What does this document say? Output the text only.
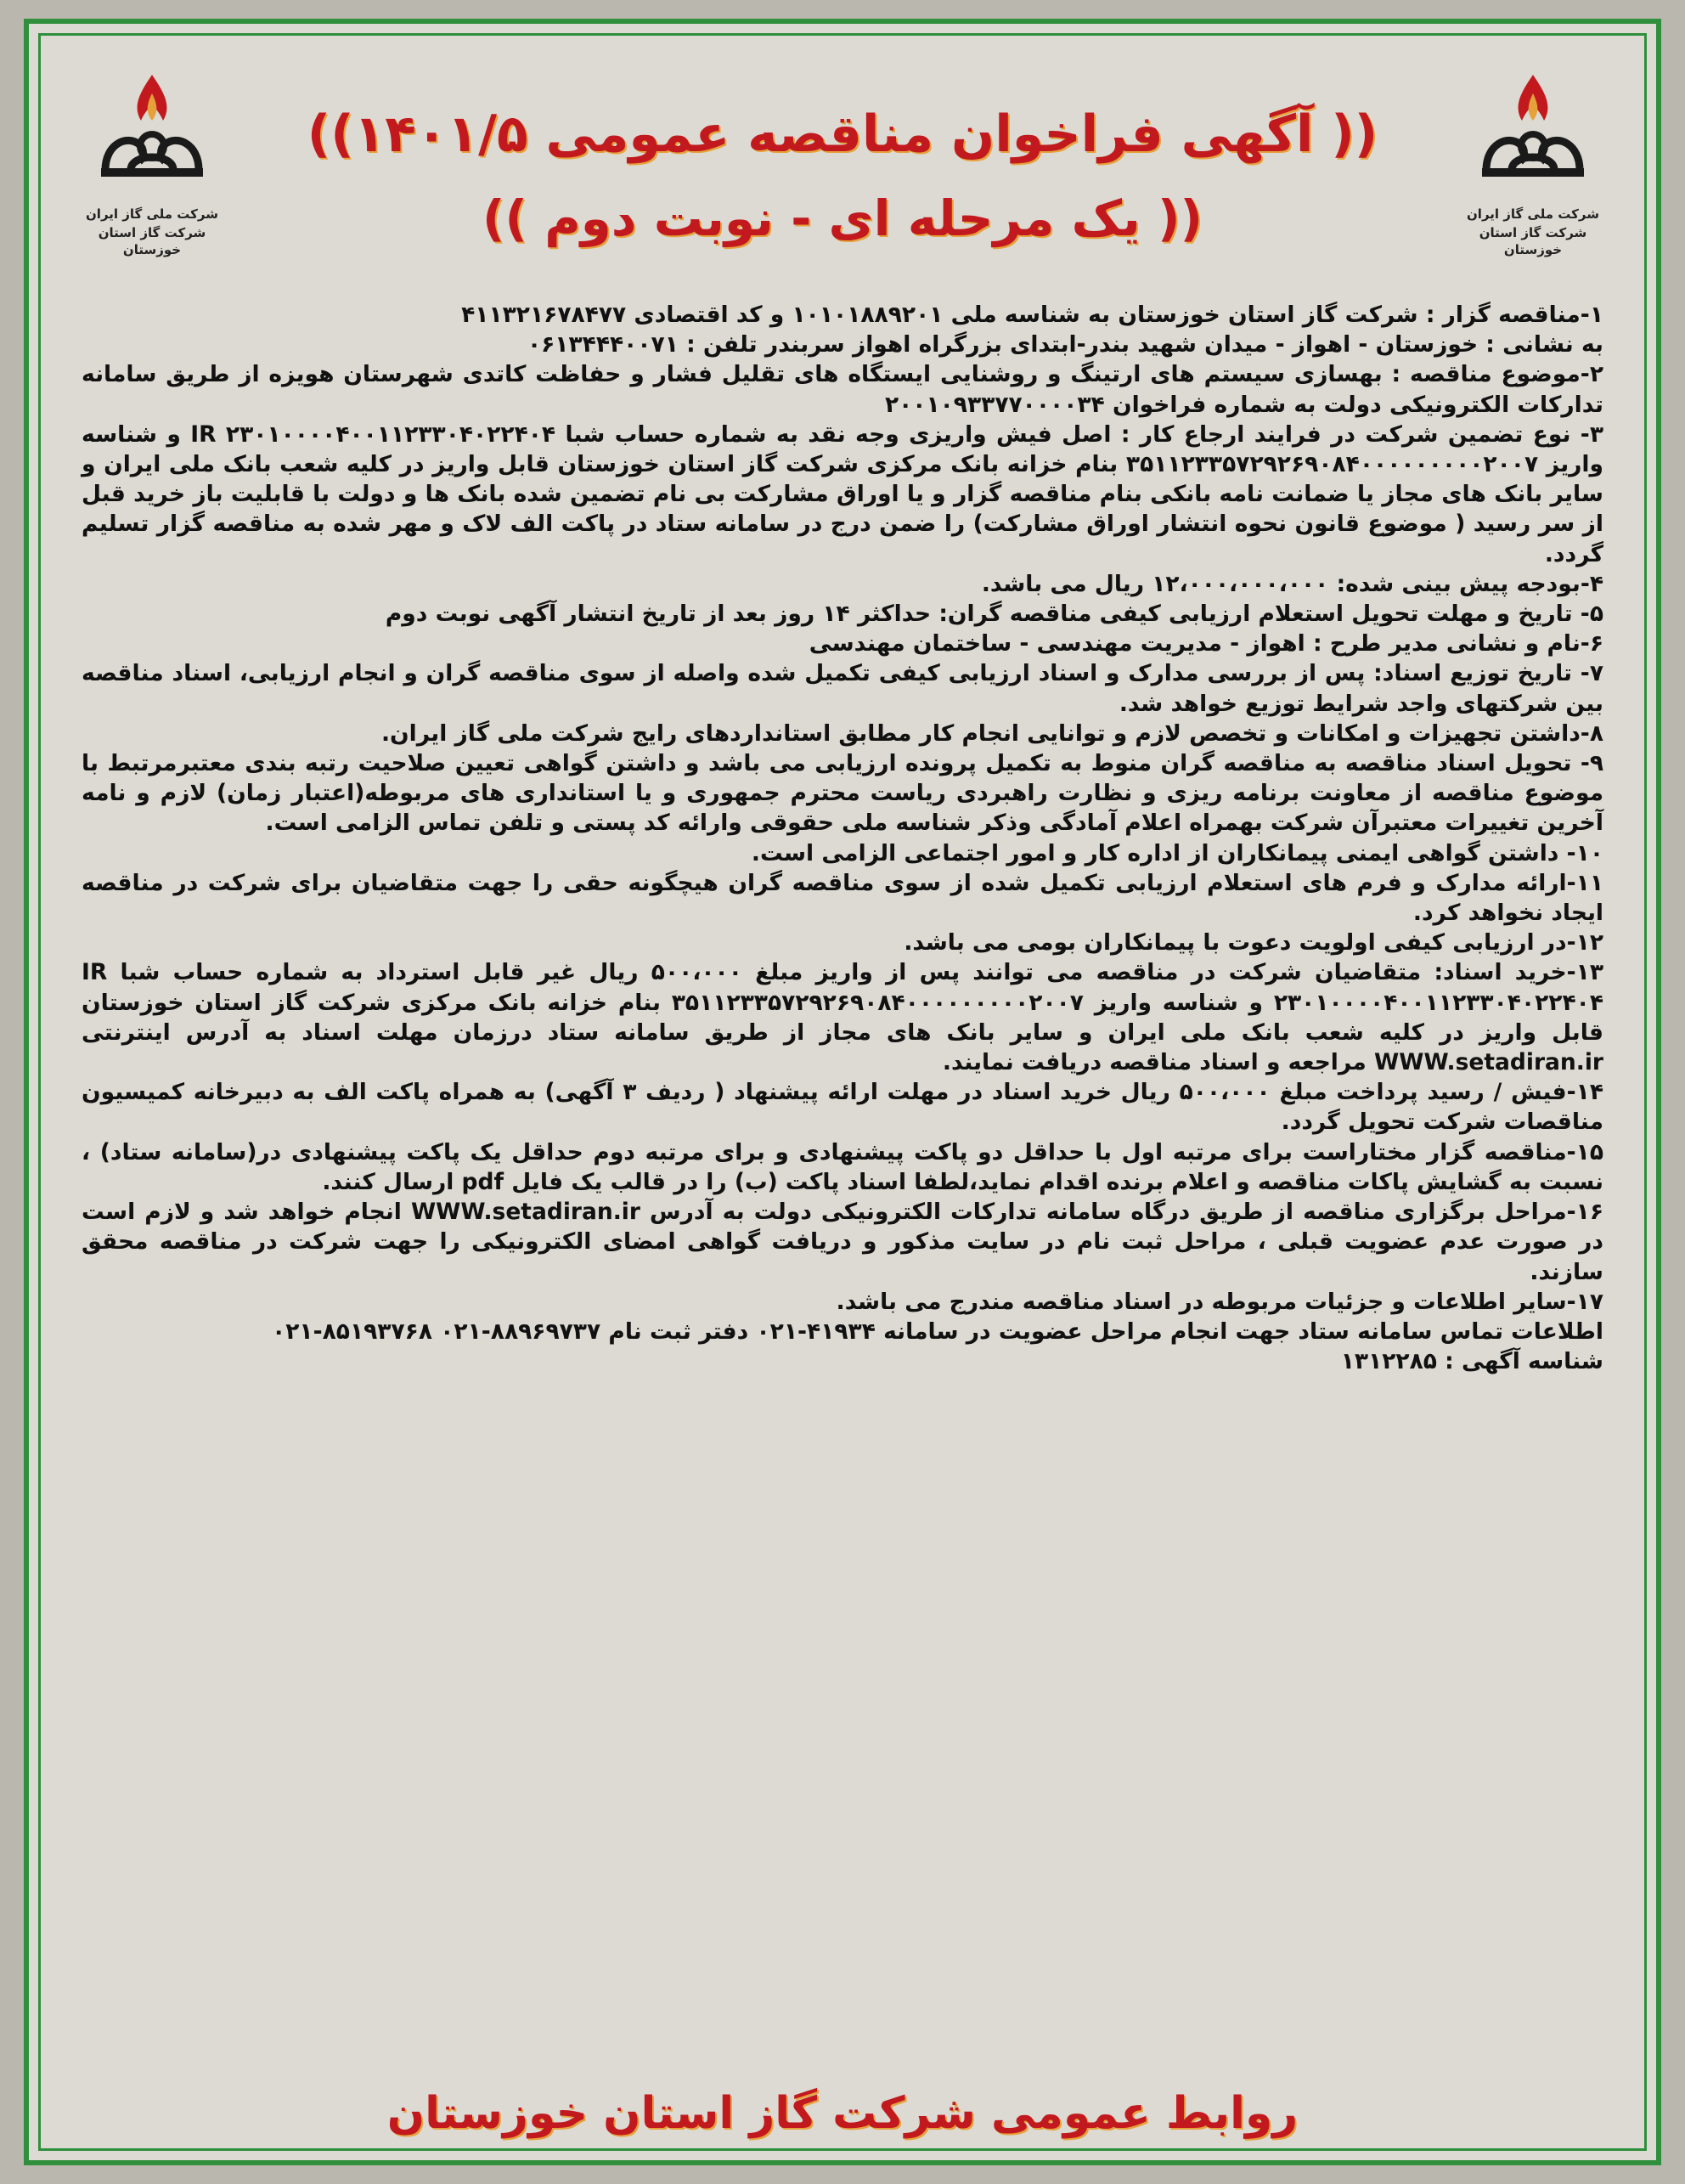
شرکت ملی گاز ایران
شرکت گاز استان خوزستان
شرکت ملی گاز ایران
شرکت گاز استان خوزستان
(( آگهی فراخوان مناقصه عمومی ۱۴۰۱/۵))
(( یک مرحله ای - نوبت دوم ))

۱-مناقصه گزار : شرکت گاز استان خوزستان به شناسه ملی ۱۰۱۰۱۸۸۹۲۰۱ و کد اقتصادی ۴۱۱۳۲۱۶۷۸۴۷۷

به نشانی : خوزستان - اهواز - میدان شهید بندر-ابتدای بزرگراه اهواز سربندر تلفن : ۰۶۱۳۴۴۴۰۰۷۱

۲-موضوع مناقصه : بهسازی سیستم های ارتینگ و روشنایی ایستگاه های تقلیل فشار و حفاظت کاتدی شهرستان هویزه از طریق سامانه تدارکات الکترونیکی دولت به شماره فراخوان ۲۰۰۱۰۹۳۳۷۷۰۰۰۰۳۴

۳- نوع تضمین شرکت در فرایند ارجاع کار : اصل فیش واریزی وجه نقد به شماره حساب شبا IR ۲۳۰۱۰۰۰۰۴۰۰۱۱۲۳۳۰۴۰۲۲۴۰۴ و شناسه واریز ۳۵۱۱۲۳۳۵۷۲۹۲۶۹۰۸۴۰۰۰۰۰۰۰۰۰۲۰۰۷ بنام خزانه بانک مرکزی شرکت گاز استان خوزستان قابل واریز در کلیه شعب بانک ملی ایران و سایر بانک های مجاز یا ضمانت نامه بانکی بنام مناقصه گزار و یا اوراق مشارکت بی نام تضمین شده بانک ها و دولت با قابلیت باز خرید قبل از سر رسید ( موضوع قانون نحوه انتشار اوراق مشارکت) را ضمن درج در سامانه ستاد در پاکت الف لاک و مهر شده به مناقصه گزار تسلیم گردد.

۴-بودجه پیش بینی شده: ۱۲،۰۰۰،۰۰۰،۰۰۰ ریال می باشد.

۵- تاریخ و مهلت تحویل استعلام ارزیابی کیفی مناقصه گران: حداکثر ۱۴ روز بعد از تاریخ انتشار آگهی نوبت دوم

۶-نام و نشانی مدیر طرح : اهواز - مدیریت مهندسی - ساختمان مهندسی

۷- تاریخ توزیع اسناد: پس از بررسی مدارک و اسناد ارزیابی کیفی تکمیل شده واصله از سوی مناقصه گران و انجام ارزیابی، اسناد مناقصه بین شرکتهای واجد شرایط توزیع خواهد شد.

۸-داشتن تجهیزات و امکانات و تخصص لازم و توانایی انجام کار مطابق استانداردهای رایج شرکت ملی گاز ایران.

۹- تحویل اسناد مناقصه به مناقصه گران منوط به تکمیل پرونده ارزیابی می باشد و داشتن گواهی تعیین صلاحیت رتبه بندی معتبرمرتبط با موضوع مناقصه از معاونت برنامه ریزی و نظارت راهبردی ریاست محترم جمهوری و یا استانداری های مربوطه(اعتبار زمان) لازم و نامه آخرین تغییرات معتبرآن شرکت بهمراه اعلام آمادگی وذکر شناسه ملی حقوقی وارائه کد پستی و تلفن تماس الزامی است.

۱۰- داشتن گواهی ایمنی پیمانکاران از اداره کار و امور اجتماعی الزامی است.

۱۱-ارائه مدارک و فرم های استعلام ارزیابی تکمیل شده از سوی مناقصه گران هیچگونه حقی را جهت متقاضیان برای شرکت در مناقصه ایجاد نخواهد کرد.

۱۲-در ارزیابی کیفی اولویت دعوت با پیمانکاران بومی می باشد.

۱۳-خرید اسناد: متقاضیان شرکت در مناقصه می توانند پس از واریز مبلغ ۵۰۰،۰۰۰ ریال غیر قابل استرداد به شماره حساب شبا IR ۲۳۰۱۰۰۰۰۴۰۰۱۱۲۳۳۰۴۰۲۲۴۰۴ و شناسه واریز ۳۵۱۱۲۳۳۵۷۲۹۲۶۹۰۸۴۰۰۰۰۰۰۰۰۰۲۰۰۷ بنام خزانه بانک مرکزی شرکت گاز استان خوزستان قابل واریز در کلیه شعب بانک ملی ایران و سایر بانک های مجاز از طریق سامانه ستاد درزمان مهلت اسناد به آدرس اینترنتی WWW.setadiran.ir مراجعه و اسناد مناقصه دریافت نمایند.

۱۴-فیش / رسید پرداخت مبلغ ۵۰۰،۰۰۰ ریال خرید اسناد در مهلت ارائه پیشنهاد ( ردیف ۳ آگهی) به همراه پاکت الف به دبیرخانه کمیسیون مناقصات شرکت تحویل گردد.

۱۵-مناقصه گزار مختاراست برای مرتبه اول با حداقل دو پاکت پیشنهادی و برای مرتبه دوم حداقل یک پاکت پیشنهادی در(سامانه ستاد) ، نسبت به گشایش پاکات مناقصه و اعلام برنده اقدام نماید،لطفا اسناد پاکت (ب) را در قالب یک فایل pdf ارسال کنند.

۱۶-مراحل برگزاری مناقصه از طریق درگاه سامانه تدارکات الکترونیکی دولت به آدرس WWW.setadiran.ir انجام خواهد شد و لازم است در صورت عدم عضویت قبلی ، مراحل ثبت نام در سایت مذکور و دریافت گواهی امضای الکترونیکی را جهت شرکت در مناقصه محقق سازند.

۱۷-سایر اطلاعات و جزئیات مربوطه در اسناد مناقصه مندرج می باشد.

اطلاعات تماس سامانه ستاد جهت انجام مراحل عضویت در سامانه ۴۱۹۳۴-۰۲۱ دفتر ثبت نام ۸۸۹۶۹۷۳۷-۰۲۱ ۸۵۱۹۳۷۶۸-۰۲۱

شناسه آگهی : ۱۳۱۲۲۸۵

روابط عمومی شرکت گاز استان خوزستان
